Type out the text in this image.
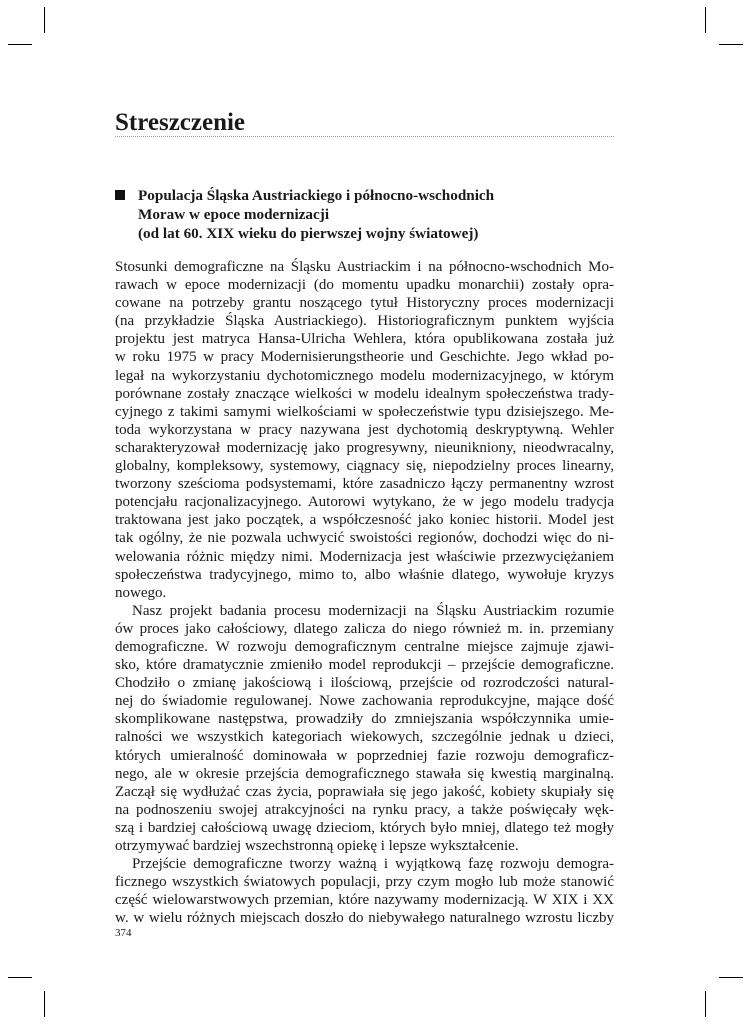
Streszczenie
Populacja Śląska Austriackiego i północno-wschodnich
Moraw w epoce modernizacji
(od lat 60. XIX wieku do pierwszej wojny światowej)
Stosunki demograficzne na Śląsku Austriackim i na północno-wschodnich Mo-
rawach w epoce modernizacji (do momentu upadku monarchii) zostały opra-
cowane na potrzeby grantu noszącego tytuł Historyczny proces modernizacji
(na przykładzie Śląska Austriackiego). Historiograficznym punktem wyjścia
projektu jest matryca Hansa-Ulricha Wehlera, która opublikowana została już
w roku 1975 w pracy Modernisierungstheorie und Geschichte. Jego wkład po-
legał na wykorzystaniu dychotomicznego modelu modernizacyjnego, w którym
porównane zostały znaczące wielkości w modelu idealnym społeczeństwa trady-
cyjnego z takimi samymi wielkościami w społeczeństwie typu dzisiejszego. Me-
toda wykorzystana w pracy nazywana jest dychotomią deskryptywną. Wehler
scharakteryzował modernizację jako progresywny, nieunikniony, nieodwracalny,
globalny, kompleksowy, systemowy, ciągnacy się, niepodzielny proces linearny,
tworzony sześcioma podsystemami, które zasadniczo łączy permanentny wzrost
potencjału racjonalizacyjnego. Autorowi wytykano, że w jego modelu tradycja
traktowana jest jako początek, a współczesność jako koniec historii. Model jest
tak ogólny, że nie pozwala uchwycić swoistości regionów, dochodzi więc do ni-
welowania różnic między nimi. Modernizacja jest właściwie przezwyciężaniem
społeczeństwa tradycyjnego, mimo to, albo właśnie dlatego, wywołuje kryzys
nowego.
Nasz projekt badania procesu modernizacji na Śląsku Austriackim rozumie
ów proces jako całościowy, dlatego zalicza do niego również m. in. przemiany
demograficzne. W rozwoju demograficznym centralne miejsce zajmuje zjawi-
sko, które dramatycznie zmieniło model reprodukcji – przejście demograficzne.
Chodziło o zmianę jakościową i ilościową, przejście od rozrodczości natural-
nej do świadomie regulowanej. Nowe zachowania reprodukcyjne, mające dość
skomplikowane następstwa, prowadziły do zmniejszania współczynnika umie-
ralności we wszystkich kategoriach wiekowych, szczególnie jednak u dzieci,
których umieralność dominowała w poprzedniej fazie rozwoju demograficz-
nego, ale w okresie przejścia demograficznego stawała się kwestią marginalną.
Zaczął się wydłużać czas życia, poprawiała się jego jakość, kobiety skupiały się
na podnoszeniu swojej atrakcyjności na rynku pracy, a także poświęcały węk-
szą i bardziej całościową uwagę dzieciom, których było mniej, dlatego też mogły
otrzymywać bardziej wszechstronną opiekę i lepsze wykształcenie.
Przejście demograficzne tworzy ważną i wyjątkową fazę rozwoju demogra-
ficznego wszystkich światowych populacji, przy czym mogło lub może stanowić
część wielowarstwowych przemian, które nazywamy modernizacją. W XIX i XX
w. w wielu różnych miejscach doszło do niebywałego naturalnego wzrostu liczby
374
